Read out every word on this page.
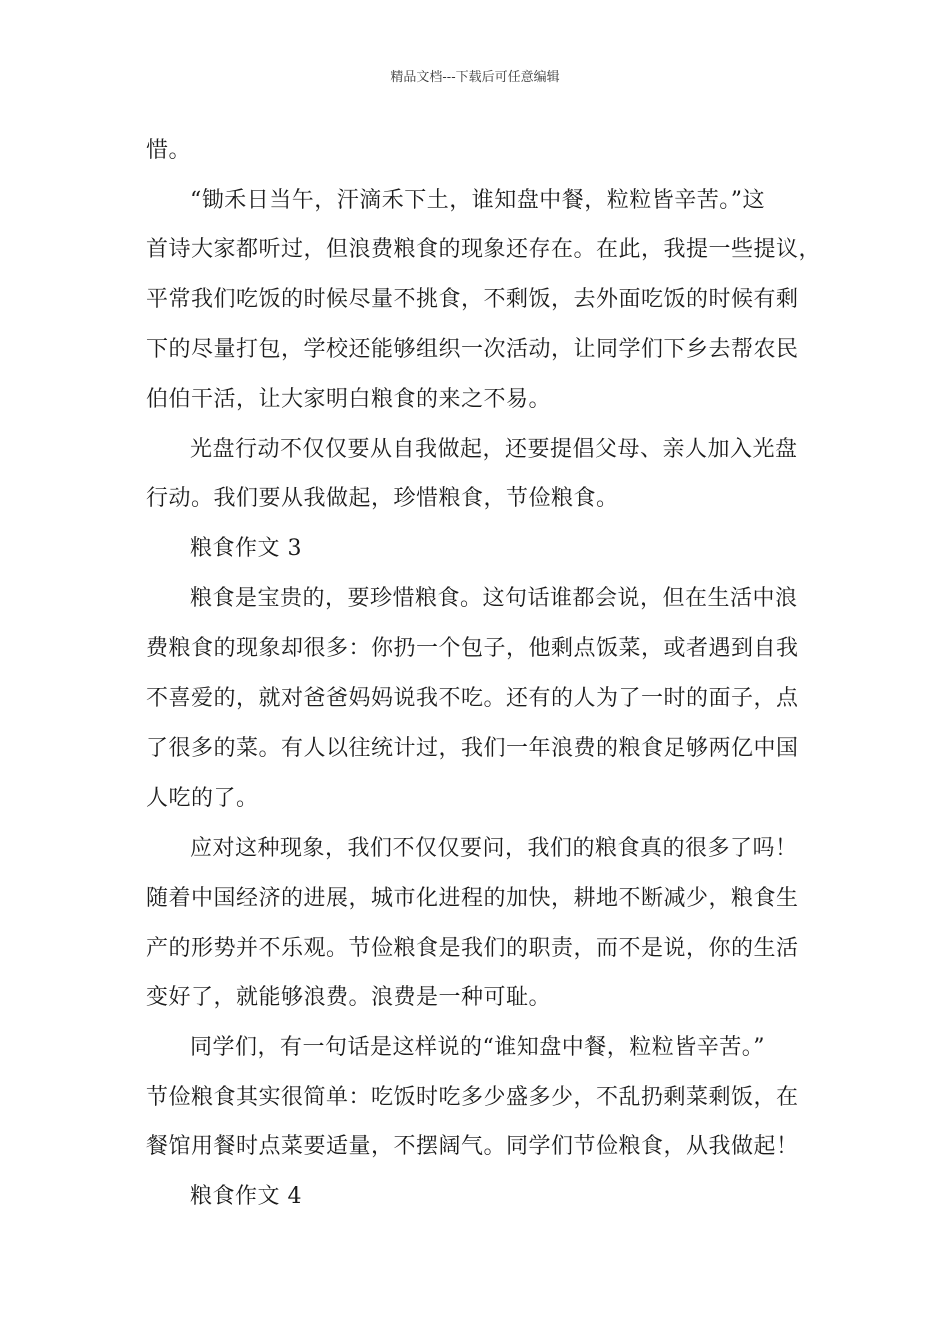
精品文档---下载后可任意编辑
惜。
“锄禾日当午，汗滴禾下土，谁知盘中餐，粒粒皆辛苦。”这
首诗大家都听过，但浪费粮食的现象还存在。在此，我提一些提议，
平常我们吃饭的时候尽量不挑食，不剩饭，去外面吃饭的时候有剩
下的尽量打包，学校还能够组织一次活动，让同学们下乡去帮农民
伯伯干活，让大家明白粮食的来之不易。
光盘行动不仅仅要从自我做起，还要提倡父母、亲人加入光盘
行动。我们要从我做起，珍惜粮食，节俭粮食。
粮食作文 3
粮食是宝贵的，要珍惜粮食。这句话谁都会说，但在生活中浪
费粮食的现象却很多：你扔一个包子，他剩点饭菜，或者遇到自我
不喜爱的，就对爸爸妈妈说我不吃。还有的人为了一时的面子，点
了很多的菜。有人以往统计过，我们一年浪费的粮食足够两亿中国
人吃的了。
应对这种现象，我们不仅仅要问，我们的粮食真的很多了吗！
随着中国经济的进展，城市化进程的加快，耕地不断减少，粮食生
产的形势并不乐观。节俭粮食是我们的职责，而不是说，你的生活
变好了，就能够浪费。浪费是一种可耻。
同学们，有一句话是这样说的“谁知盘中餐，粒粒皆辛苦。”
节俭粮食其实很简单：吃饭时吃多少盛多少，不乱扔剩菜剩饭，在
餐馆用餐时点菜要适量，不摆阔气。同学们节俭粮食，从我做起！
粮食作文 4
